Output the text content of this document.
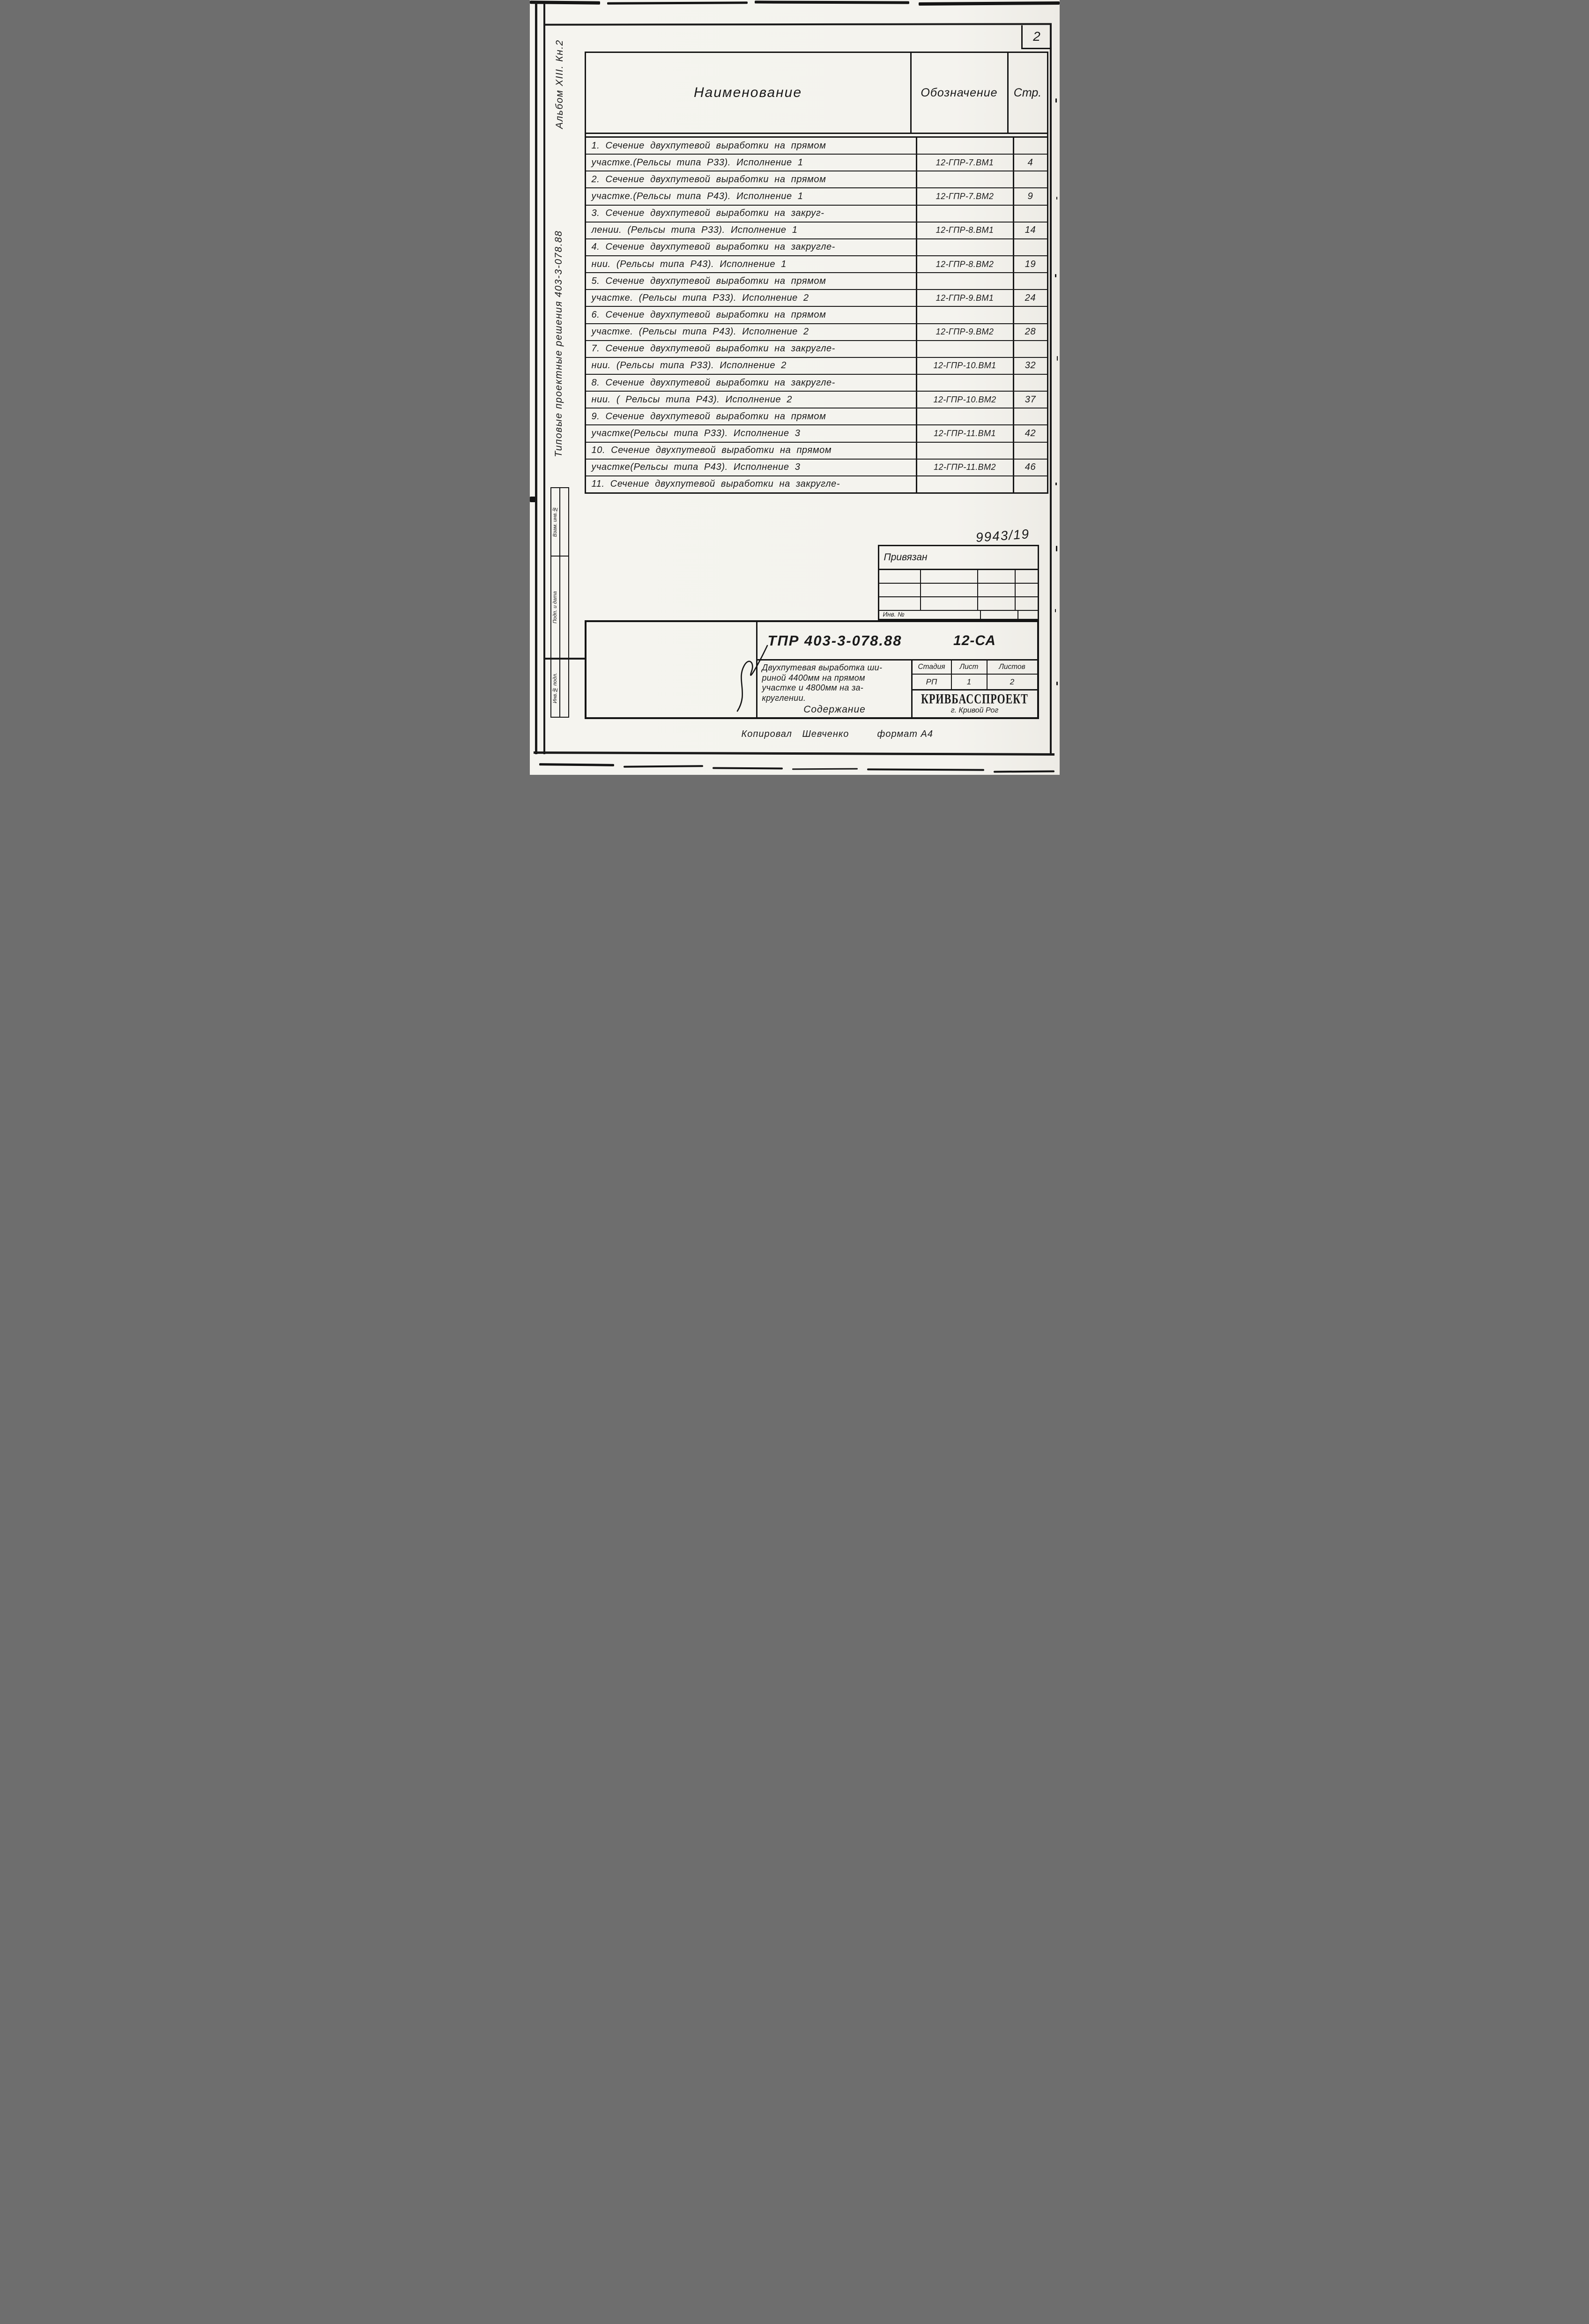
2
Альбом XIII. Кн.2
Типовые проектные решения 403-3-078.88
Взам. инв.№
Подп. и дата
Инв.№ подл.
Наименование	Обозначение	Стр.
1. Сечение двухпутевой выработки на прямом
участке.(Рельсы типа Р33). Исполнение 1	12-ГПР-7.ВМ1	4
2. Сечение двухпутевой выработки на прямом
участке.(Рельсы типа Р43). Исполнение 1	12-ГПР-7.ВМ2	9
3. Сечение двухпутевой выработки на закруг-
лении. (Рельсы типа Р33). Исполнение 1	12-ГПР-8.ВМ1	14
4. Сечение двухпутевой выработки на закругле-
нии. (Рельсы типа Р43). Исполнение 1	12-ГПР-8.ВМ2	19
5. Сечение двухпутевой выработки на прямом
участке. (Рельсы типа Р33). Исполнение 2	12-ГПР-9.ВМ1	24
6. Сечение двухпутевой выработки на прямом
участке. (Рельсы типа Р43). Исполнение 2	12-ГПР-9.ВМ2	28
7. Сечение двухпутевой выработки на закругле-
нии. (Рельсы типа Р33). Исполнение 2	12-ГПР-10.ВМ1	32
8. Сечение двухпутевой выработки на закругле-
нии. ( Рельсы типа Р43). Исполнение 2	12-ГПР-10.ВМ2	37
9. Сечение двухпутевой выработки на прямом
участке(Рельсы типа Р33). Исполнение 3	12-ГПР-11.ВМ1	42
10. Сечение двухпутевой выработки на прямом
участке(Рельсы типа Р43). Исполнение 3	12-ГПР-11.ВМ2	46
11. Сечение двухпутевой выработки на закругле-
9943/19
Привязан
Инв. №
ТПР 403-3-078.88	12-СА
Двухпутевая выработка ши-
риной 4400мм на прямом
участке и 4800мм на за-
круглении.
Содержание
Стадия	Лист	Листов
РП	1	2
КРИВБАССПРОЕКТ
г. Кривой Рог
Копировал Шевченко	формат А4
